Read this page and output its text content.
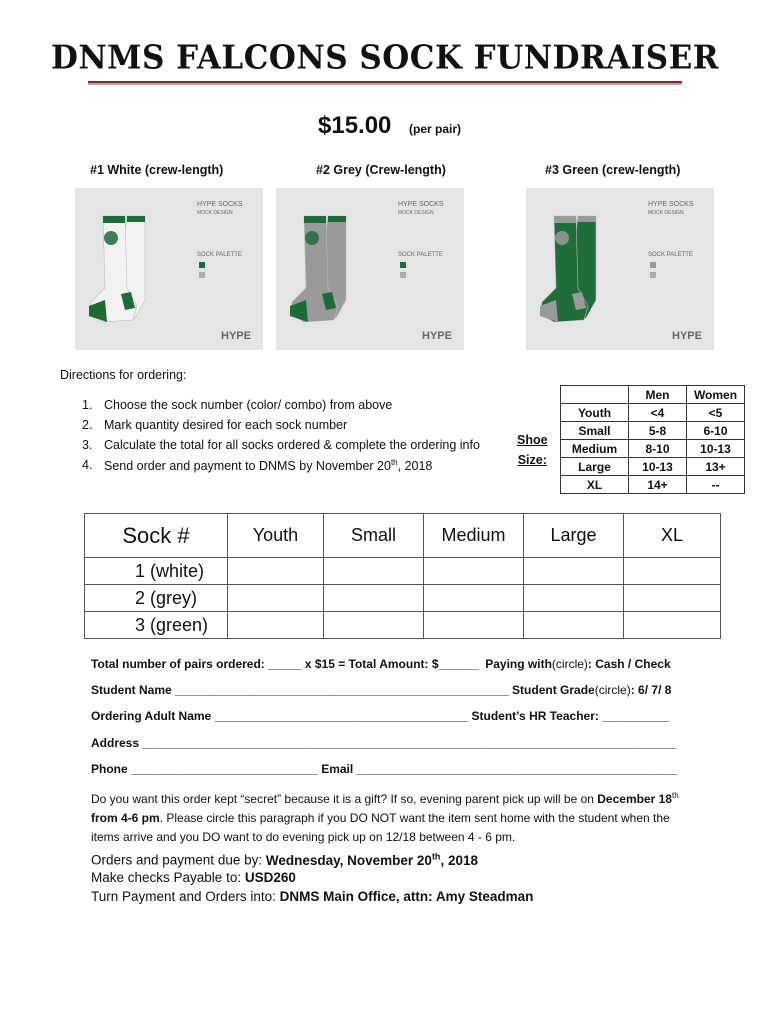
DNMS FALCONS SOCK FUNDRAISER
$15.00 (per pair)
#1 White (crew-length)	#2 Grey (Crew-length)	#3 Green (crew-length)
HYPE SOCKS
MOCK DESIGN
SOCK PALETTE
HYPE
HYPE SOCKS
MOCK DESIGN
SOCK PALETTE
HYPE
HYPE SOCKS
MOCK DESIGN
SOCK PALETTE
HYPE
Directions for ordering:
1. Choose the sock number (color/ combo) from above
2. Mark quantity desired for each sock number
3. Calculate the total for all socks ordered & complete the ordering info
4. Send order and payment to DNMS by November 20th, 2018
Shoe
Size:
	Men	Women
Youth	<4	<5
Small	5-8	6-10
Medium	8-10	10-13
Large	10-13	13+
XL	14+	--
Sock #	Youth	Small	Medium	Large	XL
1 (white)					
2 (grey)					
3 (green)					
Total number of pairs ordered: _____ x $15 = Total Amount: $______  Paying with(circle): Cash / Check
Student Name __________________________________________________ Student Grade(circle): 6/ 7/ 8
Ordering Adult Name ______________________________________ Student’s HR Teacher: __________
Address ________________________________________________________________________________
Phone ____________________________ Email ________________________________________________
Do you want this order kept “secret” because it is a gift? If so, evening parent pick up will be on December 18th from 4-6 pm. Please circle this paragraph if you DO NOT want the item sent home with the student when the items arrive and you DO want to do evening pick up on 12/18 between 4 - 6 pm.
Orders and payment due by: Wednesday, November 20th, 2018
Make checks Payable to: USD260
Turn Payment and Orders into: DNMS Main Office, attn: Amy Steadman
